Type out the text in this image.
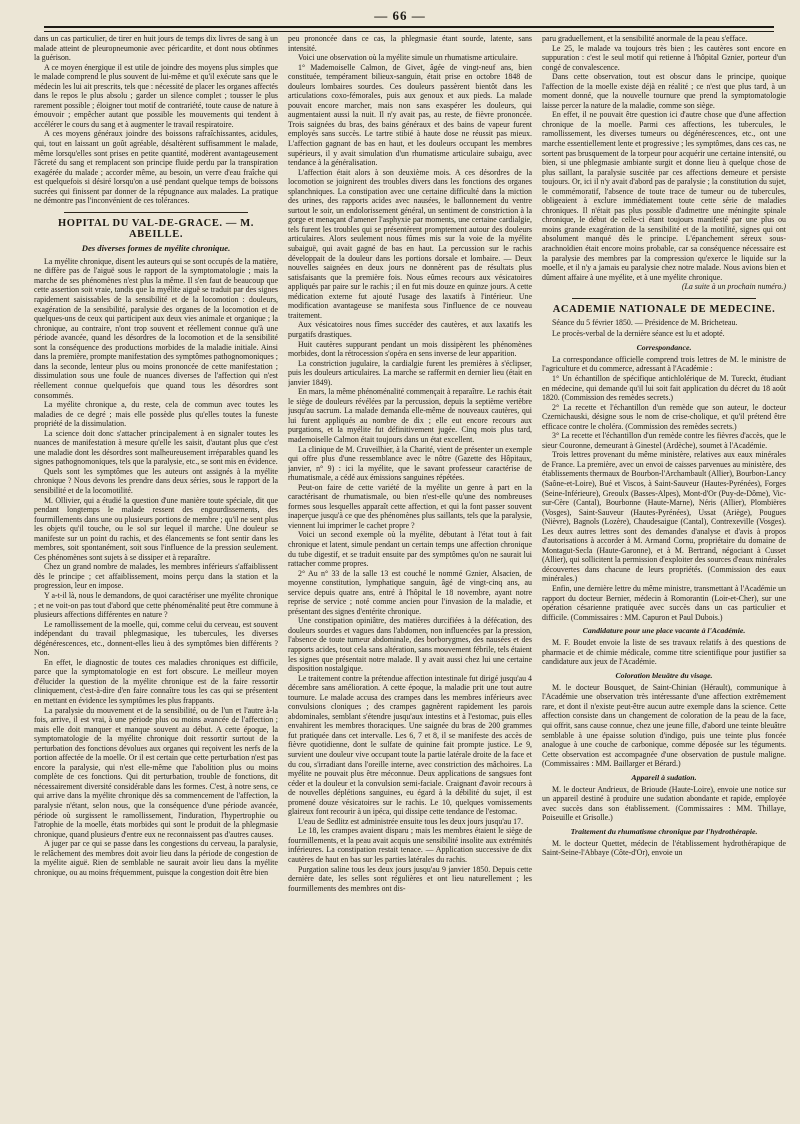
— 66 —

dans un cas particulier, de tirer en huit jours de temps dix livres de sang à un malade atteint de pleuropneumonie avec péricardite, et dont nous obtînmes la guérison.

A ce moyen énergique il est utile de joindre des moyens plus simples que le malade comprend le plus souvent de lui-même et qu'il exécute sans que le médecin les lui ait prescrits, tels que : nécessité de placer les organes affectés dans le repos le plus absolu ; garder un silence complet ; tousser le plus rarement possible ; éloigner tout motif de contrariété, toute cause de nature à émouvoir ; empêcher autant que possible les mouvements qui tendent à accélérer le cours du sang et à augmenter le travail respiratoire.

A ces moyens généraux joindre des boissons rafraîchissantes, acidules, qui, tout en laissant un goût agréable, désaltèrent suffisamment le malade, même lorsqu'elles sont prises en petite quantité, modèrent avantageusement l'âcreté du sang et remplacent son principe fluide perdu par la transpiration exagérée du malade ; accorder même, au besoin, un verre d'eau fraîche qui est quelquefois si désiré lorsqu'on a usé pendant quelque temps de boissons sucrées qui finissent par donner de la répugnance aux malades. La pratique ne démontre pas l'inconvénient de ces tolérances.

HOPITAL DU VAL-DE-GRACE. — M. ABEILLE.
Des diverses formes de myélite chronique.

La myélite chronique, disent les auteurs qui se sont occupés de la matière, ne diffère pas de l'aiguë sous le rapport de la symptomatologie ; mais la marche de ses phénomènes n'est plus la même. Il s'en faut de beaucoup que cette assertion soit vraie, tandis que la myélite aiguë se traduit par des signes rapidement saisissables de la sensibilité et de la locomotion : douleurs, exagération de la sensibilité, paralysie des organes de la locomotion et de quelques-uns de ceux qui participent aux deux vies animale et organique ; la chronique, au contraire, n'ont trop souvent et réellement connue qu'à une période avancée, quand les désordres de la locomotion et de la sensibilité sont la conséquence des productions morbides de la maladie initiale. Ainsi dans la première, prompte manifestation des symptômes pathognomoniques ; dans la seconde, lenteur plus ou moins prononcée de cette manifestation ; dissimulation sous une foule de nuances diverses de l'affection qui n'est réellement connue quelquefois que quand tous les désordres sont consommés.

La myélite chronique a, du reste, cela de commun avec toutes les maladies de ce degré ; mais elle possède plus qu'elles toutes la funeste propriété de la dissimulation.

La science doit donc s'attacher principalement à en signaler toutes les nuances de manifestation à mesure qu'elle les saisit, d'autant plus que c'est une maladie dont les désordres sont malheureusement irréparables quand les signes pathognomoniques, tels que la paralysie, etc., se sont mis en évidence.

Quels sont les symptômes que les auteurs ont assignés à la myélite chronique ? Nous devons les prendre dans deux séries, sous le rapport de la sensibilité et de la locomotilité.

M. Ollivier, qui a étudié la question d'une manière toute spéciale, dit que pendant longtemps le malade ressent des engourdissements, des fourmillements dans une ou plusieurs portions de membre ; qu'il ne sent plus les objets qu'il touche, ou le sol sur lequel il marche. Une douleur se manifeste sur un point du rachis, et des élancements se font sentir dans les membres, soit spontanément, soit sous l'influence de la pression seulement. Ces phénomènes sont sujets à se dissiper et à reparaître.

Chez un grand nombre de malades, les membres inférieurs s'affaiblissent dès le principe ; cet affaiblissement, moins perçu dans la station et la progression, leur en impose.

Y a-t-il là, nous le demandons, de quoi caractériser une myélite chronique ; et ne voit-on pas tout d'abord que cette phénoménalité peut être commune à plusieurs affections différentes en nature ?

Le ramollissement de la moelle, qui, comme celui du cerveau, est souvent indépendant du travail phlegmasique, les tubercules, les diverses dégénérescences, etc., donnent-elles lieu à des symptômes bien différents ? Non.

En effet, le diagnostic de toutes ces maladies chroniques est difficile, parce que la symptomatologie en est fort obscure. Le meilleur moyen d'élucider la question de la myélite chronique est de la faire ressortir cliniquement, c'est-à-dire d'en faire connaître tous les cas qui se présentent en mettant en évidence les symptômes les plus frappants.

La paralysie du mouvement et de la sensibilité, ou de l'un et l'autre à-la fois, arrive, il est vrai, à une période plus ou moins avancée de l'affection ; mais elle doit manquer et manque souvent au début. A cette époque, la symptomatologie de la myélite chronique doit ressortir surtout de la perturbation des fonctions dévolues aux organes qui reçoivent les nerfs de la portion affectée de la moelle. Or il est certain que cette perturbation n'est pas encore la paralysie, qui n'est elle-même que l'abolition plus ou moins complète de ces fonctions. Qui dit perturbation, trouble de fonctions, dit nécessairement diversité considérable dans les formes. C'est, à notre sens, ce qui arrive dans la myélite chronique dès sa commencement de l'affection, la paralysie n'étant, selon nous, que la conséquence d'une période avancée, période où surgissent le ramollissement, l'induration, l'hypertrophie ou l'atrophie de la moelle, états morbides qui sont le produit de la phlegmasie chronique, quand plusieurs d'entre eux ne reconnaissent pas d'autres causes.

A juger par ce qui se passe dans les congestions du cerveau, la paralysie, le relâchement des membres doit avoir lieu dans la période de congestion de la myélite aiguë. Rien de semblable ne saurait avoir lieu dans la myélite chronique, ou au moins fréquemment, puisque la congestion doit être bien

peu prononcée dans ce cas, la phlegmasie étant sourde, latente, sans intensité.

Voici une observation où la myélite simule un rhumatisme articulaire.

1° Mademoiselle Calmon, de Givet, âgée de vingt-neuf ans, bien constituée, tempérament bilieux-sanguin, était prise en octobre 1848 de douleurs lombaires sourdes. Ces douleurs passèrent bientôt dans les articulations coxo-fémorales, puis aux genoux et aux pieds. La malade pouvait encore marcher, mais non sans exaspérer les douleurs, qui augmentaient aussi la nuit. Il n'y avait pas, au reste, de fièvre prononcée. Trois saignées du bras, des bains généraux et des bains de vapeur furent employés sans succès. Le tartre stibié à haute dose ne réussit pas mieux. L'affection gagnant de bas en haut, et les douleurs occupant les membres supérieurs, il y avait simulation d'un rhumatisme articulaire subaigu, avec tendance à la généralisation.

L'affection était alors à son deuxième mois. A ces désordres de la locomotion se joignirent des troubles divers dans les fonctions des organes splanchniques. La constipation avec une certaine difficulté dans la miction des urines, des rapports acides avec nausées, le ballonnement du ventre surtout le soir, un endolorissement général, un sentiment de constriction à la gorge et menaçant d'amener l'asphyxie par moments, une certaine cardialgie, tels furent les troubles qui se présentèrent promptement autour des douleurs articulaires. Alors seulement nous fûmes mis sur la voie de la myélite subaiguë, qui avait gagné de bas en haut. La percussion sur le rachis développait de la douleur dans les portions dorsale et lombaire. — Deux nouvelles saignées en deux jours ne donnèrent pas de résultats plus satisfaisants que la première fois. Nous eûmes recours aux vésicatoires appliqués par paire sur le rachis ; il en fut mis douze en quinze jours. A cette médication externe fut ajouté l'usage des laxatifs à l'intérieur. Une modification avantageuse se manifesta sous l'influence de ce nouveau traitement.

Aux vésicatoires nous fîmes succéder des cautères, et aux laxatifs les purgatifs drastiques.

Huit cautères suppurant pendant un mois dissipèrent les phénomènes morbides, dont la rétrocession s'opéra en sens inverse de leur apparition.

La constriction jugulaire, la cardialgie furent les premières à s'éclipser, puis les douleurs articulaires. La marche se raffermit en dernier lieu (était en janvier 1849).

En mars, la même phénoménalité commençait à reparaître. Le rachis était le siège de douleurs révélées par la percussion, depuis la septième vertèbre jusqu'au sacrum. La malade demanda elle-même de nouveaux cautères, qui lui furent appliqués au nombre de dix ; elle eut encore recours aux purgations, et la myélite fut définitivement jugée. Cinq mois plus tard, mademoiselle Calmon était toujours dans un état excellent.

La clinique de M. Cruveilhier, à la Charité, vient de présenter un exemple qui offre plus d'une ressemblance avec le nôtre (Gazette des Hôpitaux, janvier, n° 9) : ici la myélite, que le savant professeur caractérise de rhumatismale, a cédé aux émissions sanguines répétées.

Peut-on faire de cette variété de la myélite un genre à part en la caractérisant de rhumatismale, ou bien n'est-elle qu'une des nombreuses formes sous lesquelles apparaît cette affection, et qui la font passer souvent inaperçue jusqu'à ce que des phénomènes plus saillants, tels que la paralysie, viennent lui imprimer le cachet propre ?

Voici un second exemple où la myélite, débutant à l'état tout à fait chronique et latent, simule pendant un certain temps une affection chronique du tube digestif, et se traduit ensuite par des symptômes qu'on ne saurait lui rattacher comme propres.

2° Au n° 33 de la salle 13 est couché le nommé Gznier, Alsacien, de moyenne constitution, lymphatique sanguin, âgé de vingt-cinq ans, au service depuis quatre ans, entré à l'hôpital le 18 novembre, ayant notre reprise de service ; noté comme ancien pour l'invasion de la maladie, et présentant des signes d'entérite chronique.

Une constipation opiniâtre, des matières durcifiées à la défécation, des douleurs sourdes et vagues dans l'abdomen, non influencées par la pression, l'absence de toute tumeur abdominale, des borborygmes, des nausées et des rapports acides, tout cela sans altération, sans mouvement fébrile, tels étaient les signes que présentait notre malade. Il y avait aussi chez lui une certaine disposition nostalgique.

Le traitement contre la prétendue affection intestinale fut dirigé jusqu'au 4 décembre sans amélioration. A cette époque, la maladie prit une tout autre tournure. Le malade accusa des crampes dans les membres inférieurs avec convulsions cloniques ; des crampes gagnèrent rapidement les parois abdominales, semblant s'étendre jusqu'aux intestins et à l'estomac, puis elles envahirent les membres thoraciques. Une saignée du bras de 200 grammes fut pratiquée dans cet intervalle. Les 6, 7 et 8, il se manifeste des accès de fièvre quotidienne, dont le sulfate de quinine fait prompte justice. Le 9, survient une douleur vive occupant toute la partie latérale droite de la face et du cou, s'irradiant dans l'oreille interne, avec constriction des mâchoires. La myélite ne pouvait plus être méconnue. Deux applications de sangsues font céder et la douleur et la convulsion semi-faciale. Craignant d'avoir recours à de nouvelles déplétions sanguines, eu égard à la débilité du sujet, il est promené douze vésicatoires sur le rachis. Le 10, quelques vomissements glaireux font recourir à un ipéca, qui dissipe cette tendance de l'estomac.

L'eau de Sedlitz est administrée ensuite tous les deux jours jusqu'au 17.

Le 18, les crampes avaient disparu ; mais les membres étaient le siège de fourmillements, et la peau avait acquis une sensibilité insolite aux extrémités inférieures. La constipation restait tenace. — Application successive de dix cautères de haut en bas sur les parties latérales du rachis.

Purgation saline tous les deux jours jusqu'au 9 janvier 1850. Depuis cette dernière date, les selles sont régulières et ont lieu naturellement ; les fourmillements des membres ont dis-

paru graduellement, et la sensibilité anormale de la peau s'efface.

Le 25, le malade va toujours très bien ; les cautères sont encore en suppuration : c'est le seul motif qui retienne à l'hôpital Gznier, porteur d'un congé de convalescence.

Dans cette observation, tout est obscur dans le principe, quoique l'affection de la moelle existe déjà en réalité ; ce n'est que plus tard, à un moment donné, que la nouvelle tournure que prend la symptomatologie laisse percer la nature de la maladie, comme son siège.

En effet, il ne pouvait être question ici d'autre chose que d'une affection chronique de la moelle. Parmi ces affections, les tubercules, le ramollissement, les diverses tumeurs ou dégénérescences, etc., ont une marche essentiellement lente et progressive ; les symptômes, dans ces cas, ne sortent pas brusquement de la torpeur pour acquérir une certaine intensité, ou bien, si une phlegmasie ambiante surgit et donne lieu à quelque chose de plus saillant, la paralysie suscitée par ces affections demeure et persiste toujours. Or, ici il n'y avait d'abord pas de paralysie ; la constitution du sujet, le commémoratif, l'absence de toute trace de tumeur ou de tubercules, obligeaient à exclure immédiatement toute cette série de maladies chroniques. Il n'était pas plus possible d'admettre une méningite spinale chronique, le début de celle-ci étant toujours manifesté par une plus ou moins grande exagération de la sensibilité et de la motilité, signes qui ont absolument manqué dès le principe. L'épanchement séreux sous-arachnoïdien était encore moins probable, car sa conséquence nécessaire est la paralysie des membres par la compression qu'exerce le liquide sur la moelle, et il n'y a jamais eu paralysie chez notre malade. Nous avions bien et dûment affaire à une myélite, et à une myélite chronique.

(La suite à un prochain numéro.)

ACADEMIE NATIONALE DE MEDECINE.

Séance du 5 février 1850. — Présidence de M. Bricheteau.

Le procès-verbal de la dernière séance est lu et adopté.

Correspondance.

La correspondance officielle comprend trois lettres de M. le ministre de l'agriculture et du commerce, adressant à l'Académie :

1° Un échantillon de spécifique antichlolérique de M. Tureckt, étudiant en médecine, qui demande qu'il lui soit fait application du décret du 18 août 1820. (Commission des remèdes secrets.)

2° La recette et l'échantillon d'un remède que son auteur, le docteur Czernichauski, désigne sous le nom de crise-cholique, et qu'il prétend être efficace contre le choléra. (Commission des remèdes secrets.)

3° La recette et l'échantillon d'un remède contre les fièvres d'accès, que le sieur Couronne, demeurant à Ginestel (Ardèche), soumet à l'Académie.

Trois lettres provenant du même ministère, relatives aux eaux minérales de France. La première, avec un envoi de caisses parvenues au ministère, des établissements thermaux de Bourbon-l'Archambault (Allier), Bourbon-Lancy (Saône-et-Loire), Bué et Viscos, à Saint-Sauveur (Hautes-Pyrénées), Forges (Seine-Inférieure), Greoulx (Basses-Alpes), Mont-d'Or (Puy-de-Dôme), Vic-sur-Cère (Cantal), Bourbonne (Haute-Marne), Néris (Allier), Plombières (Vosges), Saint-Sauveur (Hautes-Pyrénées), Ussat (Ariège), Pougues (Nièvre), Bagnols (Lozère), Chaudesaigue (Cantal), Contrexeville (Vosges). Les deux autres lettres sont des demandes d'analyse et d'avis à propos d'autorisations à accorder à M. Armand Cornu, propriétaire du domaine de Montagut-Secla (Haute-Garonne), et à M. Bertrand, négociant à Cusset (Allier), qui sollicitent la permission d'exploiter des sources d'eaux minérales découvertes dans chacune de leurs propriétés. (Commission des eaux minérales.)

Enfin, une dernière lettre du même ministre, transmettant à l'Académie un rapport du docteur Bernier, médecin à Romorantin (Loir-et-Cher), sur une opération césarienne pratiquée avec succès dans un cas particulier et difficile. (Commissaires : MM. Capuron et Paul Dubois.)

Candidature pour une place vacante à l'Académie.

M. F. Boudet envoie la liste de ses travaux relatifs à des questions de pharmacie et de chimie médicale, comme titre scientifique pour justifier sa candidature aux jeux de l'Académie.

Coloration bleuâtre du visage.

M. le docteur Bousquet, de Saint-Chinian (Hérault), communique à l'Académie une observation très intéressante d'une affection extrêmement rare, et dont il n'existe peut-être aucun autre exemple dans la science. Cette affection consiste dans un changement de coloration de la peau de la face, qui offrit, sans cause connue, chez une jeune fille, d'abord une teinte bleuâtre semblable à une épaisse solution d'indigo, puis une teinte plus foncée analogue à une couche de carbonique, comme déposée sur les téguments. Cette observation est accompagnée d'une observation de pustule maligne. (Commissaires : MM. Baillarger et Bérard.)

Appareil à sudation.

M. le docteur Andrieux, de Brioude (Haute-Loire), envoie une notice sur un appareil destiné à produire une sudation abondante et rapide, employée avec succès dans son établissement. (Commissaires : MM. Thillaye, Poiseuille et Grisolle.)

Traitement du rhumatisme chronique par l'hydrothérapie.

M. le docteur Quettet, médecin de l'établissement hydrothérapique de Saint-Seine-l'Abbaye (Côte-d'Or), envoie un
